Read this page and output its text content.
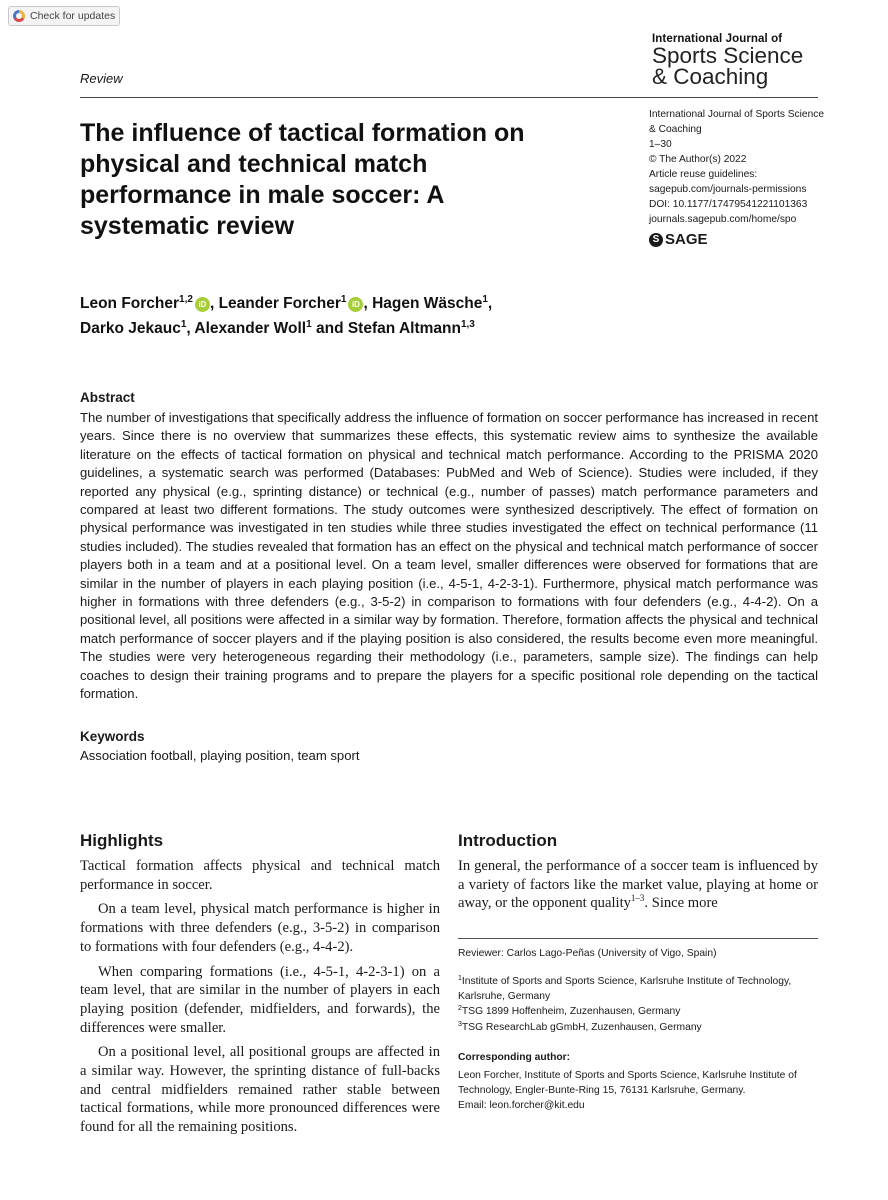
Check for updates
International Journal of
Sports Science
& Coaching
Review
The influence of tactical formation on physical and technical match performance in male soccer: A systematic review
International Journal of Sports Science
& Coaching
1–30
© The Author(s) 2022
Article reuse guidelines:
sagepub.com/journals-permissions
DOI: 10.1177/17479541221101363
journals.sagepub.com/home/spo
S SAGE
Leon Forcher$^{1,2}$ iD , Leander Forcher$^1$ iD , Hagen Wäsche$^1$,
Darko Jekauc$^1$, Alexander Woll$^1$ and Stefan Altmann$^{1,3}$
Abstract
The number of investigations that specifically address the influence of formation on soccer performance has increased in recent years. Since there is no overview that summarizes these effects, this systematic review aims to synthesize the available literature on the effects of tactical formation on physical and technical match performance. According to the PRISMA 2020 guidelines, a systematic search was performed (Databases: PubMed and Web of Science). Studies were included, if they reported any physical (e.g., sprinting distance) or technical (e.g., number of passes) match performance parameters and compared at least two different formations. The study outcomes were synthesized descriptively. The effect of formation on physical performance was investigated in ten studies while three studies investigated the effect on technical performance (11 studies included). The studies revealed that formation has an effect on the physical and technical match performance of soccer players both in a team and at a positional level. On a team level, smaller differences were observed for formations that are similar in the number of players in each playing position (i.e., 4-5-1, 4-2-3-1). Furthermore, physical match performance was higher in formations with three defenders (e.g., 3-5-2) in comparison to formations with four defenders (e.g., 4-4-2). On a positional level, all positions were affected in a similar way by formation. Therefore, formation affects the physical and technical match performance of soccer players and if the playing position is also considered, the results become even more meaningful. The studies were very heterogeneous regarding their methodology (i.e., parameters, sample size). The findings can help coaches to design their training programs and to prepare the players for a specific positional role depending on the tactical formation.
Keywords
Association football, playing position, team sport
Highlights	Introduction

Tactical formation affects physical and technical match performance in soccer.

On a team level, physical match performance is higher in formations with three defenders (e.g., 3-5-2) in comparison to formations with four defenders (e.g., 4-4-2).

When comparing formations (i.e., 4-5-1, 4-2-3-1) on a team level, that are similar in the number of players in each playing position (defender, midfielders, and forwards), the differences were smaller.

On a positional level, all positional groups are affected in a similar way. However, the sprinting distance of full-backs and central midfielders remained rather stable between tactical formations, while more pronounced differences were found for all the remaining positions.

In general, the performance of a soccer team is influenced by a variety of factors like the market value, playing at home or away, or the opponent quality$^{1-3}$. Since more
Reviewer: Carlos Lago-Peñas (University of Vigo, Spain)
$^1$Institute of Sports and Sports Science, Karlsruhe Institute of Technology, Karlsruhe, Germany
$^2$TSG 1899 Hoffenheim, Zuzenhausen, Germany
$^3$TSG ResearchLab gGmbH, Zuzenhausen, Germany
Corresponding author:
Leon Forcher, Institute of Sports and Sports Science, Karlsruhe Institute of Technology, Engler-Bunte-Ring 15, 76131 Karlsruhe, Germany.
Email: leon.forcher@kit.edu
